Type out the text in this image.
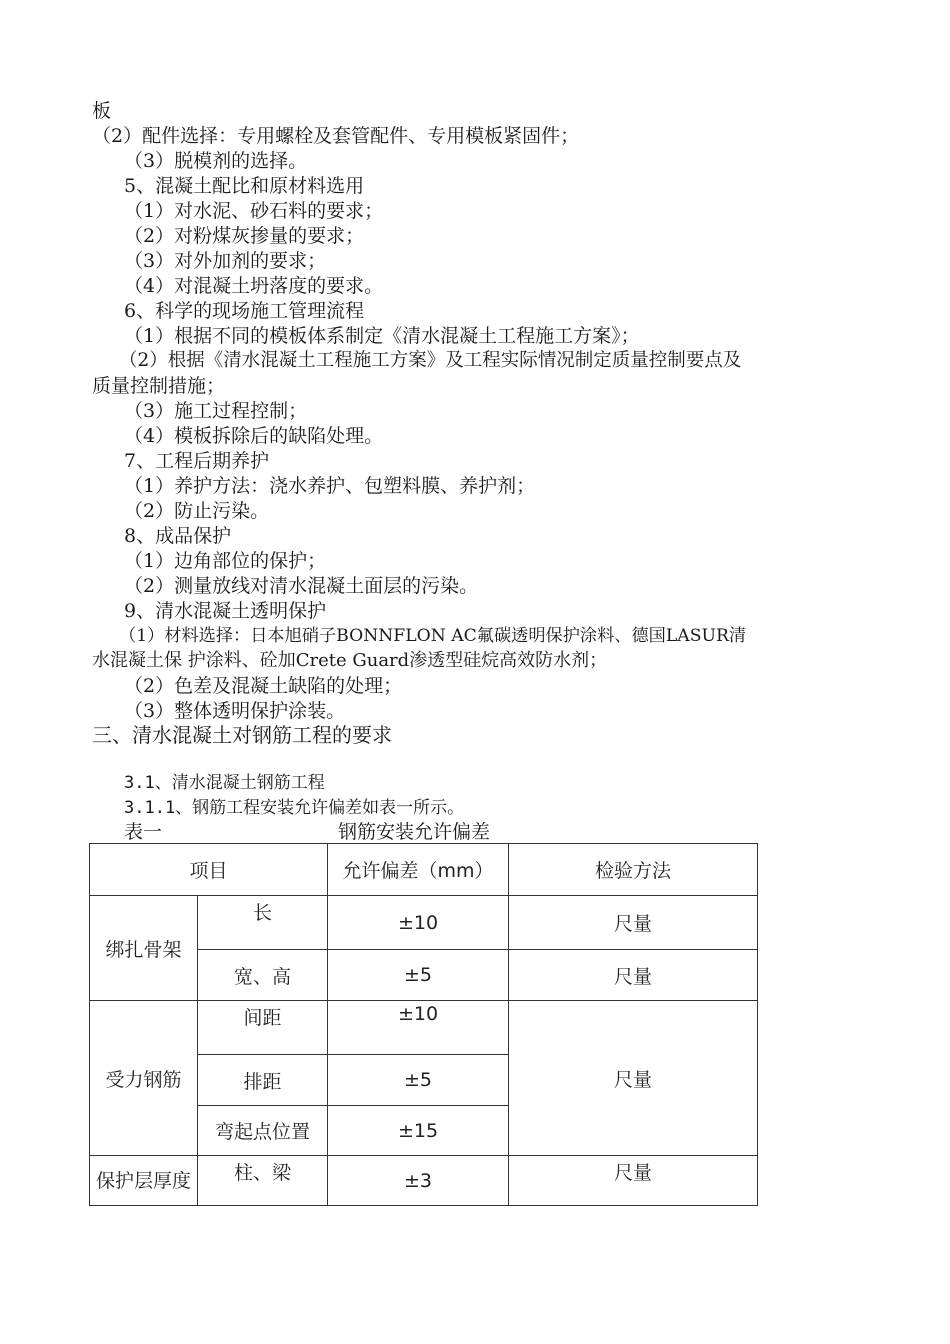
板
（2）配件选择：专用螺栓及套管配件、专用模板紧固件；
（3）脱模剂的选择。
5、混凝土配比和原材料选用
（1）对水泥、砂石料的要求；
（2）对粉煤灰掺量的要求；
（3）对外加剂的要求；
（4）对混凝土坍落度的要求。
6、科学的现场施工管理流程
（1）根据不同的模板体系制定《清水混凝土工程施工方案》；
（2）根据《清水混凝土工程施工方案》及工程实际情况制定质量控制要点及
质量控制措施；
（3）施工过程控制；
（4）模板拆除后的缺陷处理。
7、工程后期养护
（1）养护方法：浇水养护、包塑料膜、养护剂；
（2）防止污染。
8、成品保护
（1）边角部位的保护；
（2）测量放线对清水混凝土面层的污染。
9、清水混凝土透明保护
（1）材料选择：日本旭硝子BONNFLON AC氟碳透明保护涂料、德国LASUR清
水混凝土保 护涂料、砼加Crete Guard渗透型硅烷高效防水剂；
（2）色差及混凝土缺陷的处理；
（3）整体透明保护涂装。
三、清水混凝土对钢筋工程的要求
3.1、清水混凝土钢筋工程
3.1.1、钢筋工程安装允许偏差如表一所示。
表一	钢筋安装允许偏差
项目		允许偏差（mm）	检验方法
绑扎骨架	长	±10	尺量
	宽、高	±5	尺量
受力钢筋	间距	±10	尺量
	排距	±5	
	弯起点位置	±15	
保护层厚度	柱、梁	±3	尺量
